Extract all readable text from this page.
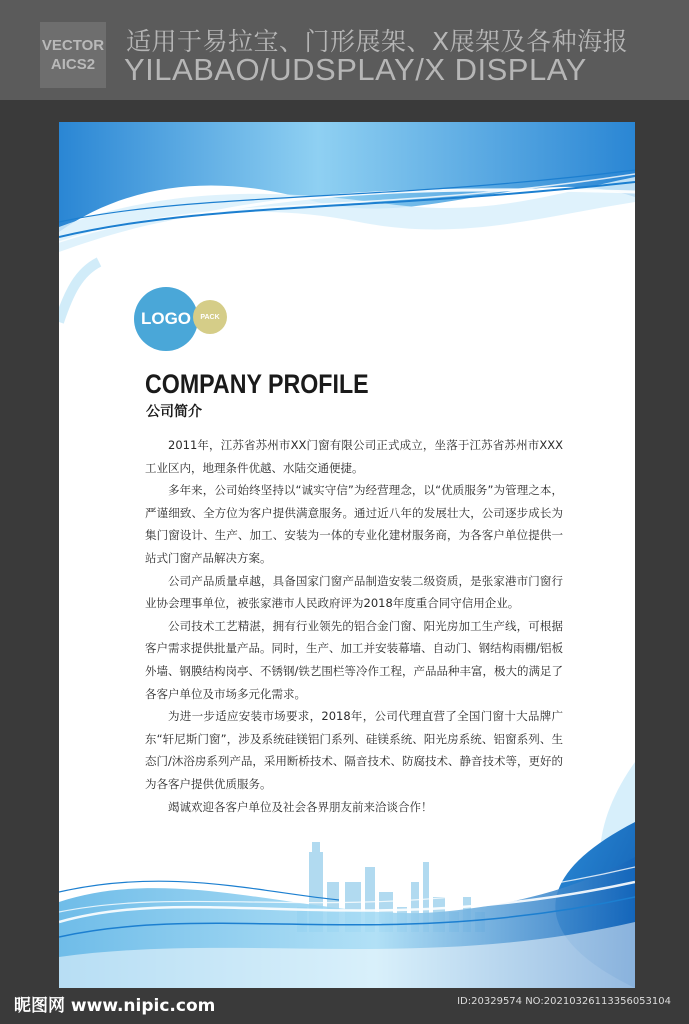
VECTOR
AICS2
适用于易拉宝、门形展架、X展架及各种海报
YILABAO/UDSPLAY/X DISPLAY
LOGO	PACK
COMPANY PROFILE
公司简介

2011年，江苏省苏州市XX门窗有限公司正式成立，坐落于江苏省苏州市XXX工业区内，地理条件优越、水陆交通便捷。

多年来，公司始终坚持以“诚实守信”为经营理念，以“优质服务”为管理之本，严谨细致、全方位为客户提供满意服务。通过近八年的发展壮大，公司逐步成长为集门窗设计、生产、加工、安装为一体的专业化建材服务商，为各客户单位提供一站式门窗产品解决方案。

公司产品质量卓越，具备国家门窗产品制造安装二级资质，是张家港市门窗行业协会理事单位，被张家港市人民政府评为2018年度重合同守信用企业。

公司技术工艺精湛，拥有行业领先的铝合金门窗、阳光房加工生产线，可根据客户需求提供批量产品。同时，生产、加工并安装幕墙、自动门、钢结构雨棚/铝板外墙、钢膜结构岗亭、不锈钢/铁艺围栏等冷作工程，产品品种丰富，极大的满足了各客户单位及市场多元化需求。

为进一步适应安装市场要求，2018年，公司代理直营了全国门窗十大品牌广东“轩尼斯门窗”，涉及系统硅镁铝门系列、硅镁系统、阳光房系统、铝窗系列、生态门/沐浴房系列产品，采用断桥技术、隔音技术、防腐技术、静音技术等，更好的为各客户提供优质服务。

竭诚欢迎各客户单位及社会各界朋友前来洽谈合作！

昵图网 www.nipic.com	ID:20329574 NO:20210326113356053104
